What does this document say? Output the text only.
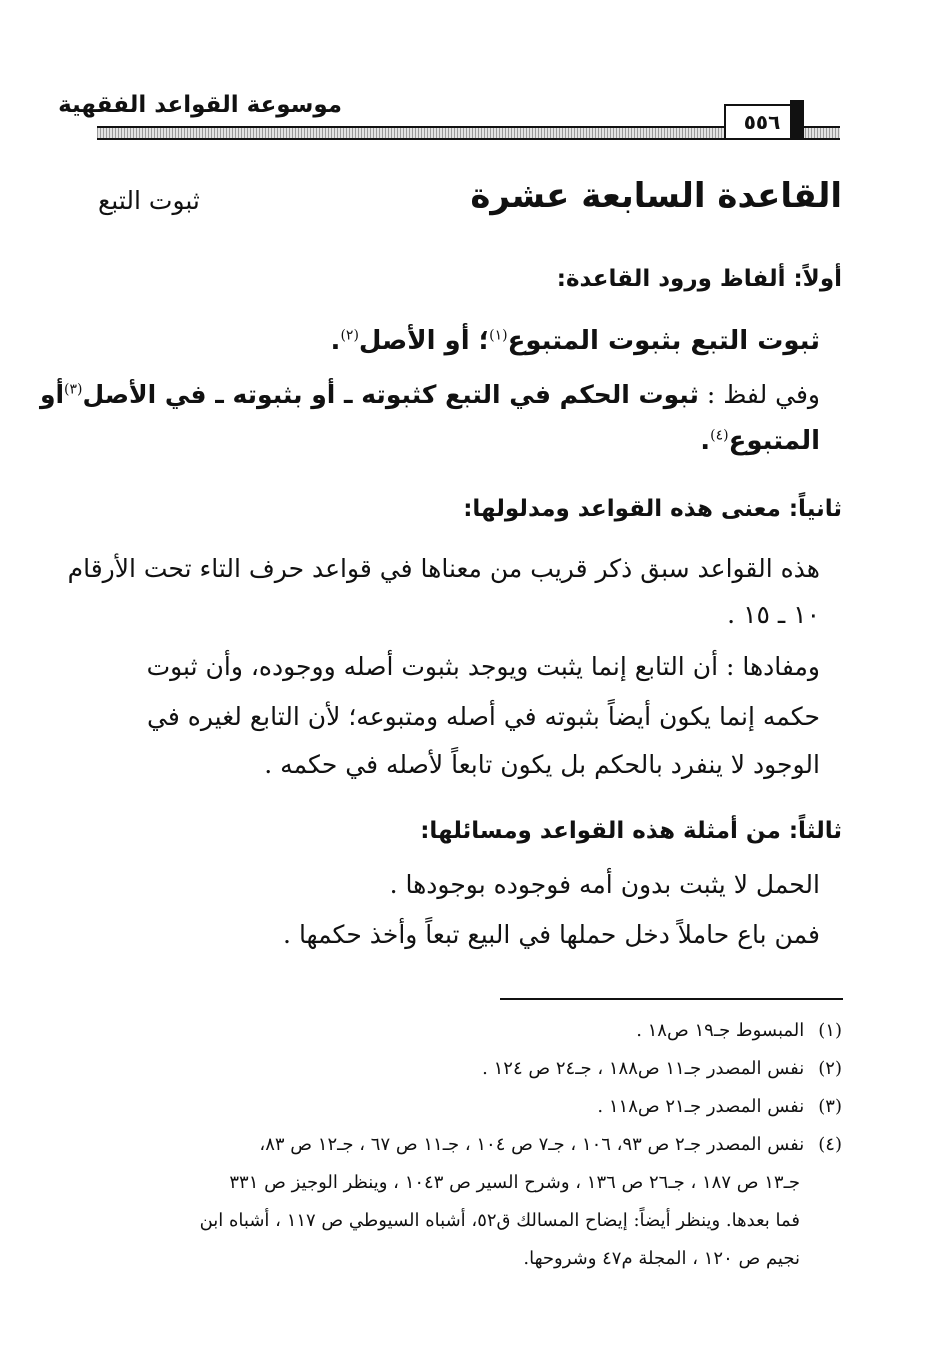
موسوعة القواعد الفقهية
٥٥٦
القاعدة السابعة عشرة
ثبوت التبع
أولاً: ألفاظ ورود القاعدة:
ثبوت التبع بثبوت المتبوع$^{(١)}$؛ أو الأصل$^{(٢)}$.
وفي لفظ : ثبوت الحكم في التبع كثبوته ـ أو بثبوته ـ في الأصل$^{(٣)}$
أو
المتبوع$^{(٤)}$.
ثانياً: معنى هذه القواعد ومدلولها:
هذه القواعد سبق ذكر قريب من معناها في قواعد حرف التاء تحت الأرقام
١٠ ـ ١٥ .
ومفادها : أن التابع إنما يثبت ويوجد بثبوت أصله ووجوده، وأن ثبوت
حكمه إنما يكون أيضاً بثبوته في أصله ومتبوعه؛ لأن التابع لغيره في
الوجود لا ينفرد بالحكم بل يكون تابعاً لأصله في حكمه .
ثالثاً: من أمثلة هذه القواعد ومسائلها:
الحمل لا يثبت بدون أمه فوجوده بوجودها .
فمن باع حاملاً دخل حملها في البيع تبعاً وأخذ حكمها .
(١)المبسوط جـ١٩ ص١٨ .
(٢)نفس المصدر جـ١١ ص١٨٨ ، جـ٢٤ ص ١٢٤ .
(٣)نفس المصدر جـ٢١ ص١١٨ .
(٤)نفس المصدر جـ٢ ص ٩٣، ١٠٦ ، جـ٧ ص ١٠٤ ، جـ١١ ص ٦٧ ، جـ١٢ ص ٨٣،
جـ١٣ ص ١٨٧ ، جـ٢٦ ص ١٣٦ ، وشرح السير ص ١٠٤٣ ، وينظر الوجيز ص ٣٣١
فما بعدها. وينظر أيضاً: إيضاح المسالك ق٥٢، أشباه السيوطي ص ١١٧ ، أشباه ابن
نجيم ص ١٢٠ ، المجلة م٤٧ وشروحها.
